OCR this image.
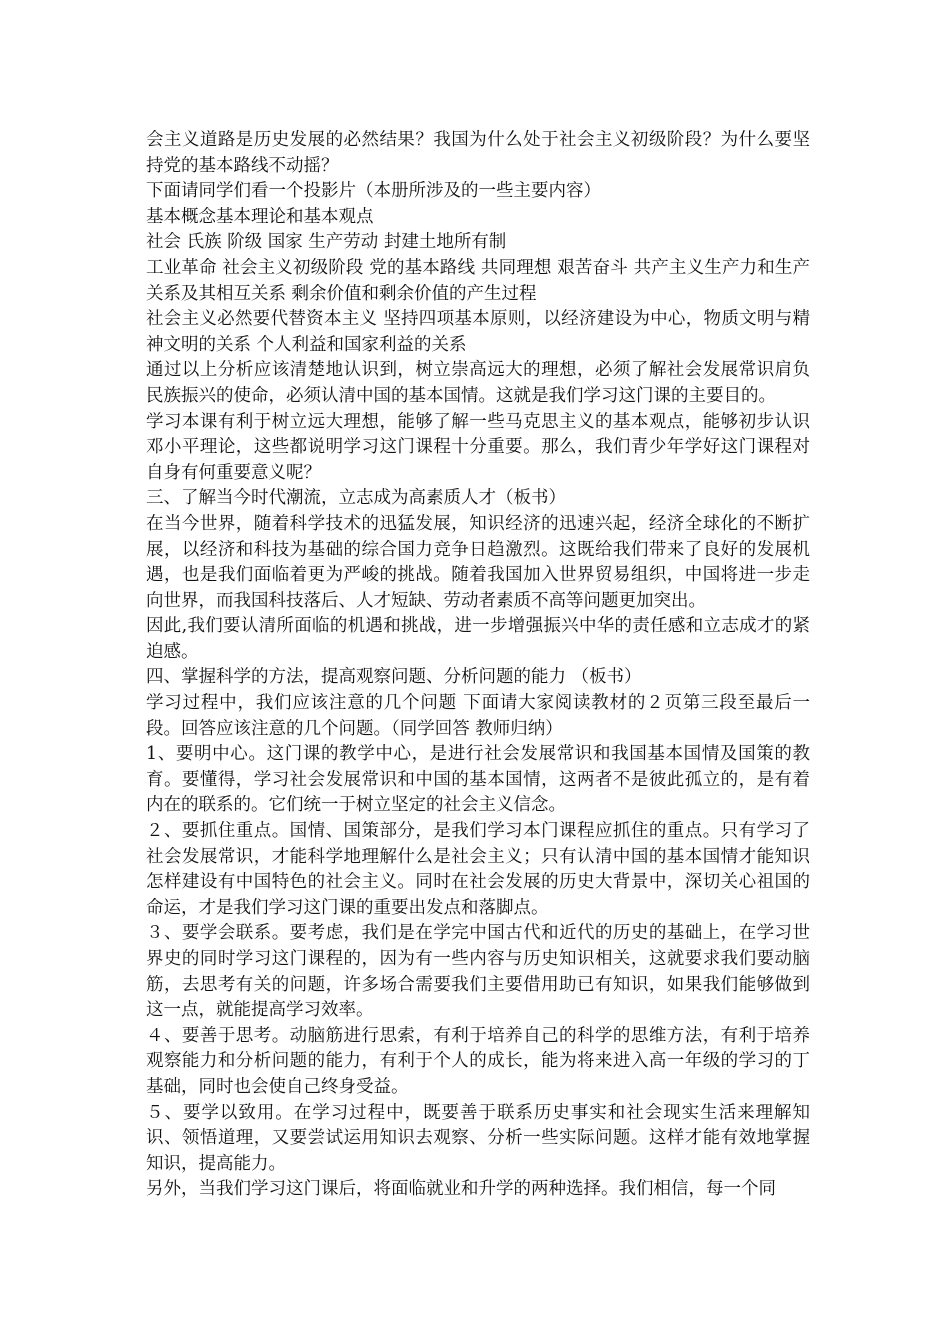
会主义道路是历史发展的必然结果？我国为什么处于社会主义初级阶段？为什么要坚持党的基本路线不动摇？

下面请同学们看一个投影片（本册所涉及的一些主要内容）

基本概念基本理论和基本观点

社会 氏族 阶级 国家 生产劳动 封建土地所有制

工业革命 社会主义初级阶段 党的基本路线 共同理想 艰苦奋斗 共产主义生产力和生产关系及其相互关系 剩余价值和剩余价值的产生过程

社会主义必然要代替资本主义 坚持四项基本原则，以经济建设为中心，物质文明与精神文明的关系 个人利益和国家利益的关系

通过以上分析应该清楚地认识到，树立崇高远大的理想，必须了解社会发展常识肩负民族振兴的使命，必须认清中国的基本国情。这就是我们学习这门课的主要目的。

学习本课有利于树立远大理想，能够了解一些马克思主义的基本观点，能够初步认识邓小平理论，这些都说明学习这门课程十分重要。那么，我们青少年学好这门课程对自身有何重要意义呢？

三、了解当今时代潮流，立志成为高素质人才（板书）

在当今世界，随着科学技术的迅猛发展，知识经济的迅速兴起，经济全球化的不断扩展，以经济和科技为基础的综合国力竞争日趋激烈。这既给我们带来了良好的发展机遇，也是我们面临着更为严峻的挑战。随着我国加入世界贸易组织，中国将进一步走向世界，而我国科技落后、人才短缺、劳动者素质不高等问题更加突出。

因此,我们要认清所面临的机遇和挑战，进一步增强振兴中华的责任感和立志成才的紧迫感。

四、掌握科学的方法，提高观察问题、分析问题的能力 （板书）

学习过程中，我们应该注意的几个问题 下面请大家阅读教材的２页第三段至最后一段。回答应该注意的几个问题。（同学回答 教师归纳）

1、要明中心。这门课的教学中心，是进行社会发展常识和我国基本国情及国策的教育。要懂得，学习社会发展常识和中国的基本国情，这两者不是彼此孤立的，是有着内在的联系的。它们统一于树立坚定的社会主义信念。

２、要抓住重点。国情、国策部分，是我们学习本门课程应抓住的重点。只有学习了社会发展常识，才能科学地理解什么是社会主义；只有认清中国的基本国情才能知识怎样建设有中国特色的社会主义。同时在社会发展的历史大背景中，深切关心祖国的命运，才是我们学习这门课的重要出发点和落脚点。

３、要学会联系。要考虑，我们是在学完中国古代和近代的历史的基础上，在学习世界史的同时学习这门课程的，因为有一些内容与历史知识相关，这就要求我们要动脑筋，去思考有关的问题，许多场合需要我们主要借用助已有知识，如果我们能够做到这一点，就能提高学习效率。

４、要善于思考。动脑筋进行思索，有利于培养自己的科学的思维方法，有利于培养观察能力和分析问题的能力，有利于个人的成长，能为将来进入高一年级的学习的丁基础，同时也会使自己终身受益。

５、要学以致用。在学习过程中，既要善于联系历史事实和社会现实生活来理解知识、领悟道理，又要尝试运用知识去观察、分析一些实际问题。这样才能有效地掌握知识，提高能力。

另外，当我们学习这门课后，将面临就业和升学的两种选择。我们相信，每一个同
